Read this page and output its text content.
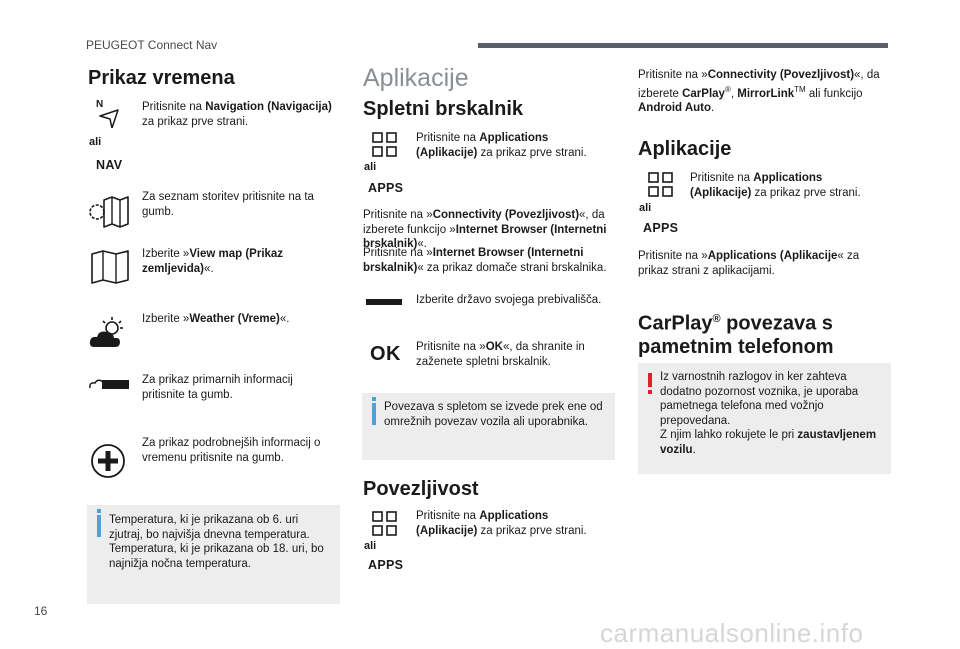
PEUGEOT Connect Nav
Prikaz vremena
N
ali
NAV
Pritisnite na Navigation (Navigacija) za prikaz prve strani.
Za seznam storitev pritisnite na ta gumb.
Izberite »View map (Prikaz zemljevida)«.
Izberite »Weather (Vreme)«.
Za prikaz primarnih informacij pritisnite ta gumb.
Za prikaz podrobnejših informacij o vremenu pritisnite na gumb.
Temperatura, ki je prikazana ob 6. uri zjutraj, bo najvišja dnevna temperatura. Temperatura, ki je prikazana ob 18. uri, bo najnižja nočna temperatura.
Aplikacije
Spletni brskalnik
ali
APPS
Pritisnite na Applications (Aplikacije) za prikaz prve strani.
Pritisnite na »Connectivity (Povezljivost)«, da izberete funkcijo »Internet Browser (Internetni brskalnik)«.
Pritisnite na »Internet Browser (Internetni brskalnik)« za prikaz domače strani brskalnika.
Izberite državo svojega prebivališča.
OK Pritisnite na »OK«, da shranite in zaženete spletni brskalnik.
Povezava s spletom se izvede prek ene od omrežnih povezav vozila ali uporabnika.
Povezljivost
ali
APPS
Pritisnite na Applications (Aplikacije) za prikaz prve strani.
Pritisnite na »Connectivity (Povezljivost)«, da izberete CarPlay®, MirrorLink™ ali funkcijo Android Auto.
Aplikacije
ali
APPS
Pritisnite na Applications (Aplikacije) za prikaz prve strani.
Pritisnite na »Applications (Aplikacije« za prikaz strani z aplikacijami.
CarPlay® povezava s pametnim telefonom
Iz varnostnih razlogov in ker zahteva dodatno pozornost voznika, je uporaba pametnega telefona med vožnjo prepovedana.
Z njim lahko rokujete le pri zaustavljenem vozilu.
16
carmanualsonline.info
